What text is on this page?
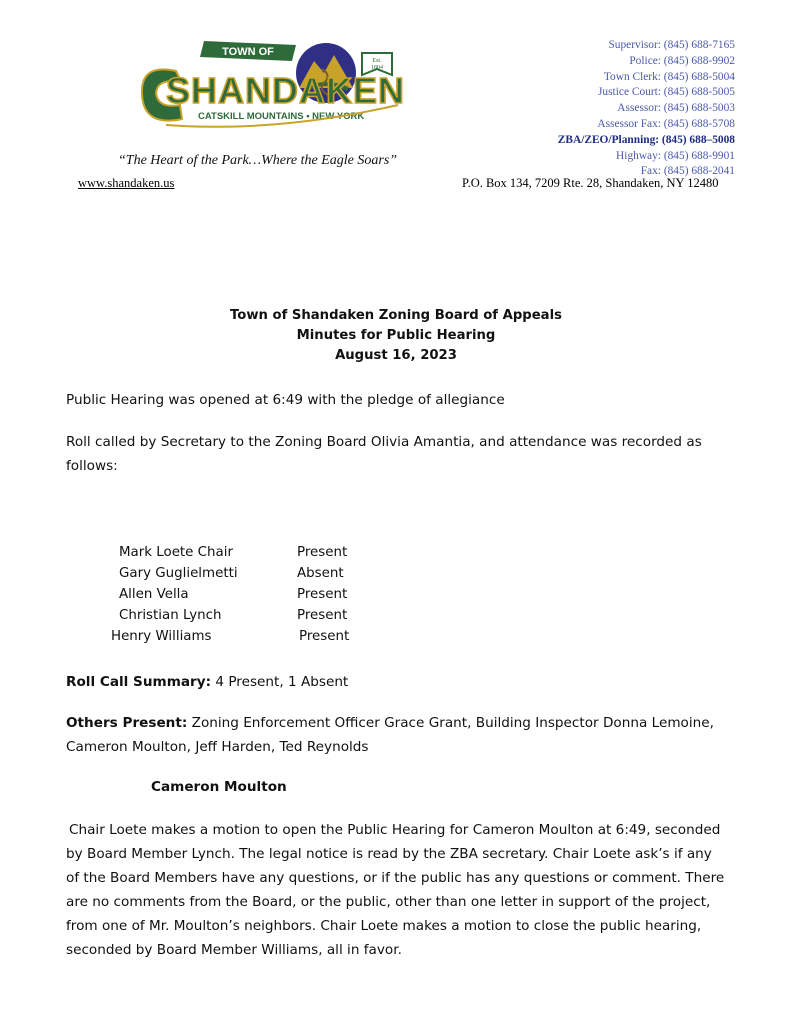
Est.
1804
TOWN OF
SHANDAKEN
CATSKILL MOUNTAINS • NEW YORK
“The Heart of the Park…Where the Eagle Soars”
www.shandaken.us	P.O. Box 134, 7209 Rte. 28, Shandaken, NY 12480
Supervisor: (845) 688-7165
Police: (845) 688-9902
Town Clerk: (845) 688-5004
Justice Court: (845) 688-5005
Assessor: (845) 688-5003
Assessor Fax: (845) 688-5708
ZBA/ZEO/Planning: (845) 688–5008
Highway: (845) 688-9901
Fax: (845) 688-2041
Town of Shandaken Zoning Board of Appeals
Minutes for Public Hearing
August 16, 2023
Public Hearing was opened at 6:49 with the pledge of allegiance
Roll called by Secretary to the Zoning Board Olivia Amantia, and attendance was recorded as follows:
Mark Loete Chair	Present
Gary Guglielmetti	Absent
Allen Vella	Present
Christian Lynch	Present
Henry Williams	Present
Roll Call Summary: 4 Present, 1 Absent
Others Present: Zoning Enforcement Officer Grace Grant, Building Inspector Donna Lemoine, Cameron Moulton, Jeff Harden, Ted Reynolds
Cameron Moulton
Chair Loete makes a motion to open the Public Hearing for Cameron Moulton at 6:49, seconded by Board Member Lynch. The legal notice is read by the ZBA secretary. Chair Loete ask’s if any of the Board Members have any questions, or if the public has any questions or comment. There are no comments from the Board, or the public, other than one letter in support of the project, from one of Mr. Moulton’s neighbors. Chair Loete makes a motion to close the public hearing, seconded by Board Member Williams, all in favor.
